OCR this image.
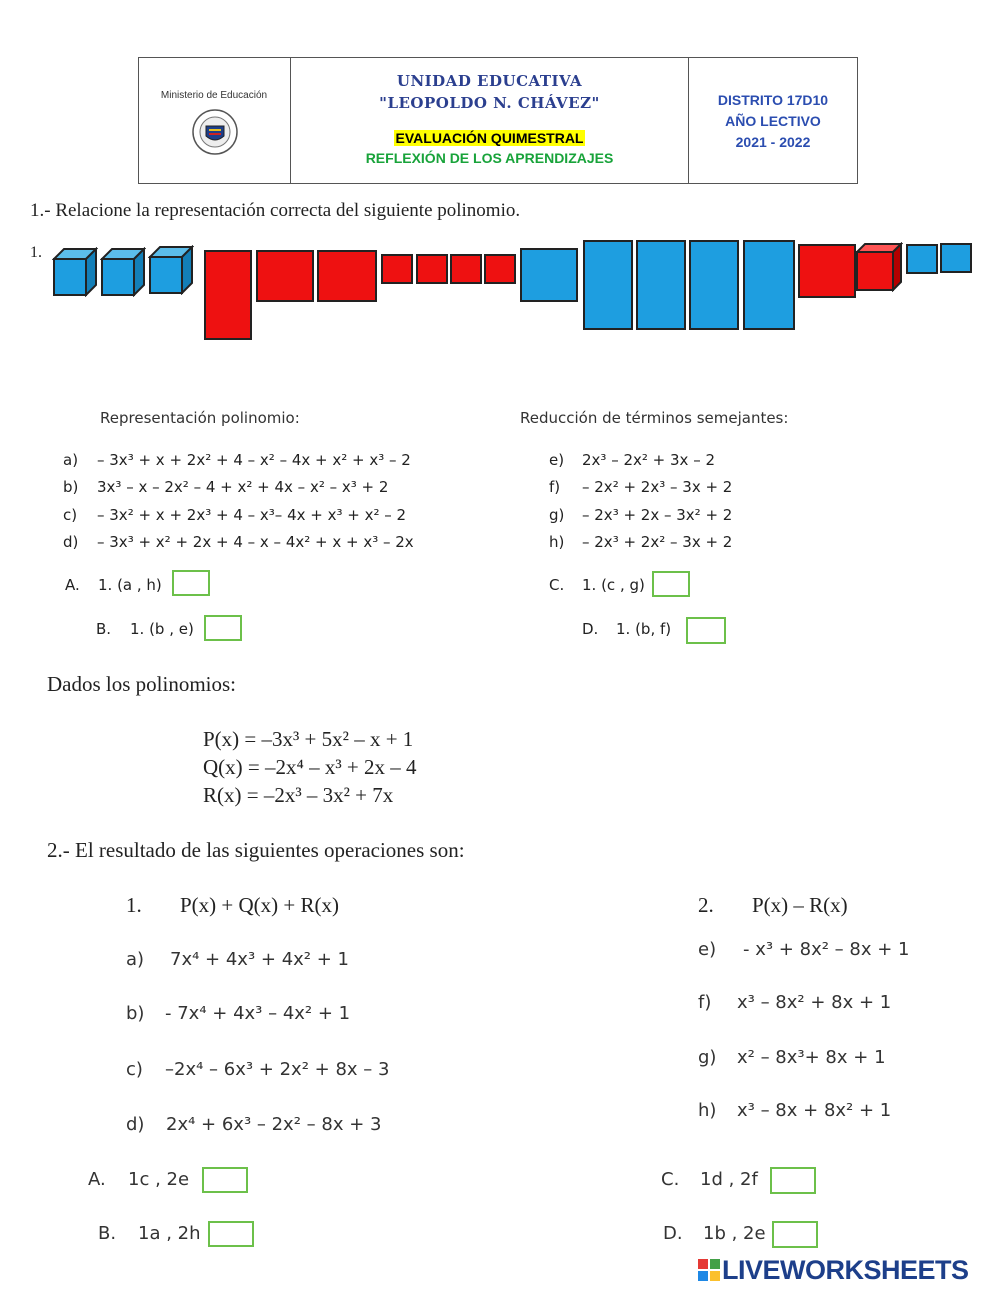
Ministerio de Educación
UNIDAD EDUCATIVA
"LEOPOLDO N. CHÁVEZ"
EVALUACIÓN QUIMESTRAL
REFLEXIÓN DE LOS APRENDIZAJES
DISTRITO 17D10
AÑO LECTIVO
2021 - 2022
1.- Relacione la representación correcta del siguiente polinomio.
1.
Representación polinomio:	Reducción de términos semejantes:
a) – 3x³ + x + 2x² + 4 – x² – 4x + x² + x³ – 2
b) 3x³ – x – 2x² – 4 + x² + 4x – x² – x³ + 2
c) – 3x² + x + 2x³ + 4 – x³– 4x + x³ + x² – 2
d) – 3x³ + x² + 2x + 4 – x – 4x² + x + x³ – 2x
e) 2x³ – 2x² + 3x – 2
f) – 2x² + 2x³ – 3x + 2
g) – 2x³ + 2x – 3x² + 2
h) – 2x³ + 2x² – 3x + 2
A. 1. (a , h)
B. 1. (b , e)
C. 1. (c , g)
D. 1. (b, f)
Dados los polinomios:
P(x) = –3x³ + 5x² – x + 1
Q(x) = –2x⁴ – x³ + 2x – 4
R(x) = –2x³ – 3x² + 7x
2.- El resultado de las siguientes operaciones son:
1. P(x) + Q(x) + R(x)	2. P(x) – R(x)
a) 7x⁴ + 4x³ + 4x² + 1
b) - 7x⁴ + 4x³ – 4x² + 1
c) –2x⁴ – 6x³ + 2x² + 8x – 3
d) 2x⁴ + 6x³ – 2x² – 8x + 3
e) - x³ + 8x² – 8x + 1
f) x³ – 8x² + 8x + 1
g) x² – 8x³+ 8x + 1
h) x³ – 8x + 8x² + 1
A. 1c , 2e
B. 1a , 2h
C. 1d , 2f
D. 1b , 2e
LIVEWORKSHEETS
